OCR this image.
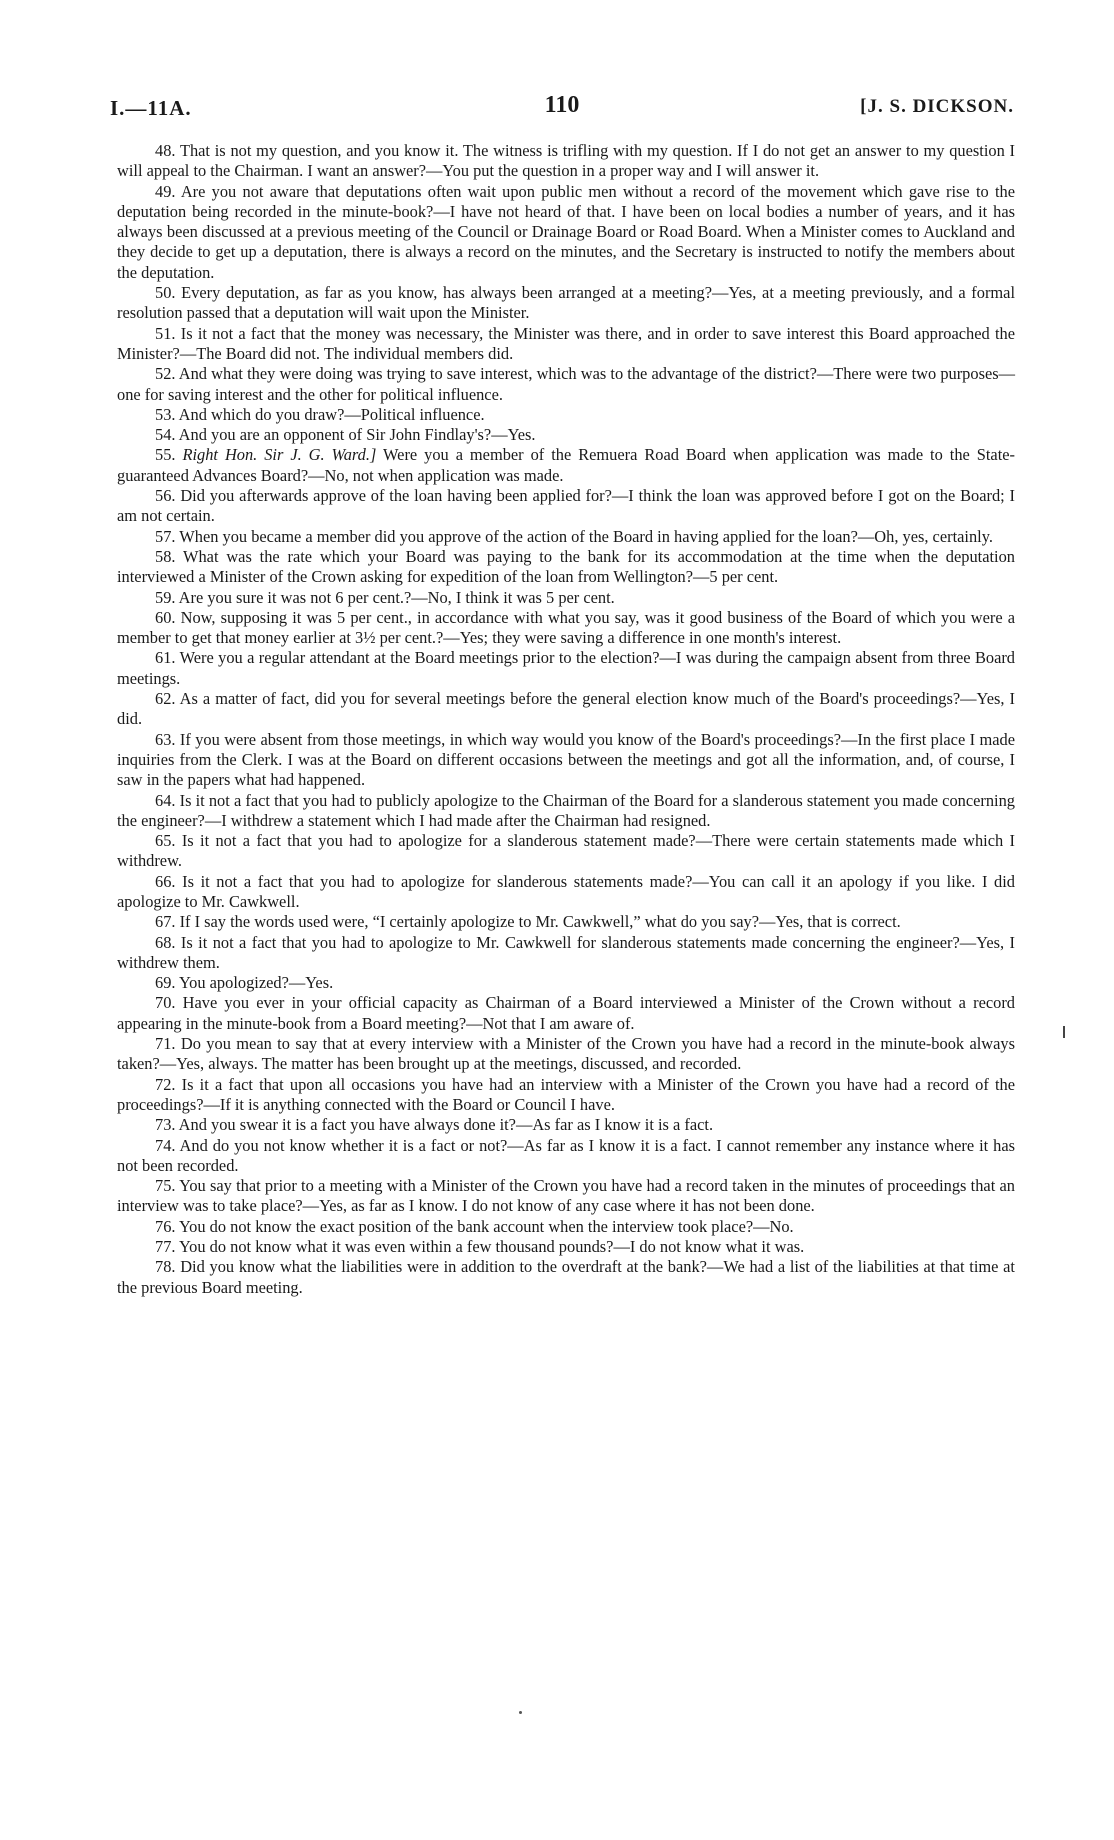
I.—11A.	110	[J. S. DICKSON.

48. That is not my question, and you know it. The witness is trifling with my question. If I do not get an answer to my question I will appeal to the Chairman. I want an answer?—You put the question in a proper way and I will answer it.

49. Are you not aware that deputations often wait upon public men without a record of the movement which gave rise to the deputation being recorded in the minute-book?—I have not heard of that. I have been on local bodies a number of years, and it has always been discussed at a previous meeting of the Council or Drainage Board or Road Board. When a Minister comes to Auckland and they decide to get up a deputation, there is always a record on the minutes, and the Secretary is instructed to notify the members about the deputation.

50. Every deputation, as far as you know, has always been arranged at a meeting?—Yes, at a meeting previously, and a formal resolution passed that a deputation will wait upon the Minister.

51. Is it not a fact that the money was necessary, the Minister was there, and in order to save interest this Board approached the Minister?—The Board did not. The individual members did.

52. And what they were doing was trying to save interest, which was to the advantage of the district?—There were two purposes—one for saving interest and the other for political influence.

53. And which do you draw?—Political influence.

54. And you are an opponent of Sir John Findlay's?—Yes.

55. Right Hon. Sir J. G. Ward.] Were you a member of the Remuera Road Board when application was made to the State-guaranteed Advances Board?—No, not when application was made.

56. Did you afterwards approve of the loan having been applied for?—I think the loan was approved before I got on the Board; I am not certain.

57. When you became a member did you approve of the action of the Board in having applied for the loan?—Oh, yes, certainly.

58. What was the rate which your Board was paying to the bank for its accommodation at the time when the deputation interviewed a Minister of the Crown asking for expedition of the loan from Wellington?—5 per cent.

59. Are you sure it was not 6 per cent.?—No, I think it was 5 per cent.

60. Now, supposing it was 5 per cent., in accordance with what you say, was it good business of the Board of which you were a member to get that money earlier at 3½ per cent.?—Yes; they were saving a difference in one month's interest.

61. Were you a regular attendant at the Board meetings prior to the election?—I was during the campaign absent from three Board meetings.

62. As a matter of fact, did you for several meetings before the general election know much of the Board's proceedings?—Yes, I did.

63. If you were absent from those meetings, in which way would you know of the Board's proceedings?—In the first place I made inquiries from the Clerk. I was at the Board on different occasions between the meetings and got all the information, and, of course, I saw in the papers what had happened.

64. Is it not a fact that you had to publicly apologize to the Chairman of the Board for a slanderous statement you made concerning the engineer?—I withdrew a statement which I had made after the Chairman had resigned.

65. Is it not a fact that you had to apologize for a slanderous statement made?—There were certain statements made which I withdrew.

66. Is it not a fact that you had to apologize for slanderous statements made?—You can call it an apology if you like. I did apologize to Mr. Cawkwell.

67. If I say the words used were, “I certainly apologize to Mr. Cawkwell,” what do you say?—Yes, that is correct.

68. Is it not a fact that you had to apologize to Mr. Cawkwell for slanderous statements made concerning the engineer?—Yes, I withdrew them.

69. You apologized?—Yes.

70. Have you ever in your official capacity as Chairman of a Board interviewed a Minister of the Crown without a record appearing in the minute-book from a Board meeting?—Not that I am aware of.

71. Do you mean to say that at every interview with a Minister of the Crown you have had a record in the minute-book always taken?—Yes, always. The matter has been brought up at the meetings, discussed, and recorded.

72. Is it a fact that upon all occasions you have had an interview with a Minister of the Crown you have had a record of the proceedings?—If it is anything connected with the Board or Council I have.

73. And you swear it is a fact you have always done it?—As far as I know it is a fact.

74. And do you not know whether it is a fact or not?—As far as I know it is a fact. I cannot remember any instance where it has not been recorded.

75. You say that prior to a meeting with a Minister of the Crown you have had a record taken in the minutes of proceedings that an interview was to take place?—Yes, as far as I know. I do not know of any case where it has not been done.

76. You do not know the exact position of the bank account when the interview took place?—No.

77. You do not know what it was even within a few thousand pounds?—I do not know what it was.

78. Did you know what the liabilities were in addition to the overdraft at the bank?—We had a list of the liabilities at that time at the previous Board meeting.
